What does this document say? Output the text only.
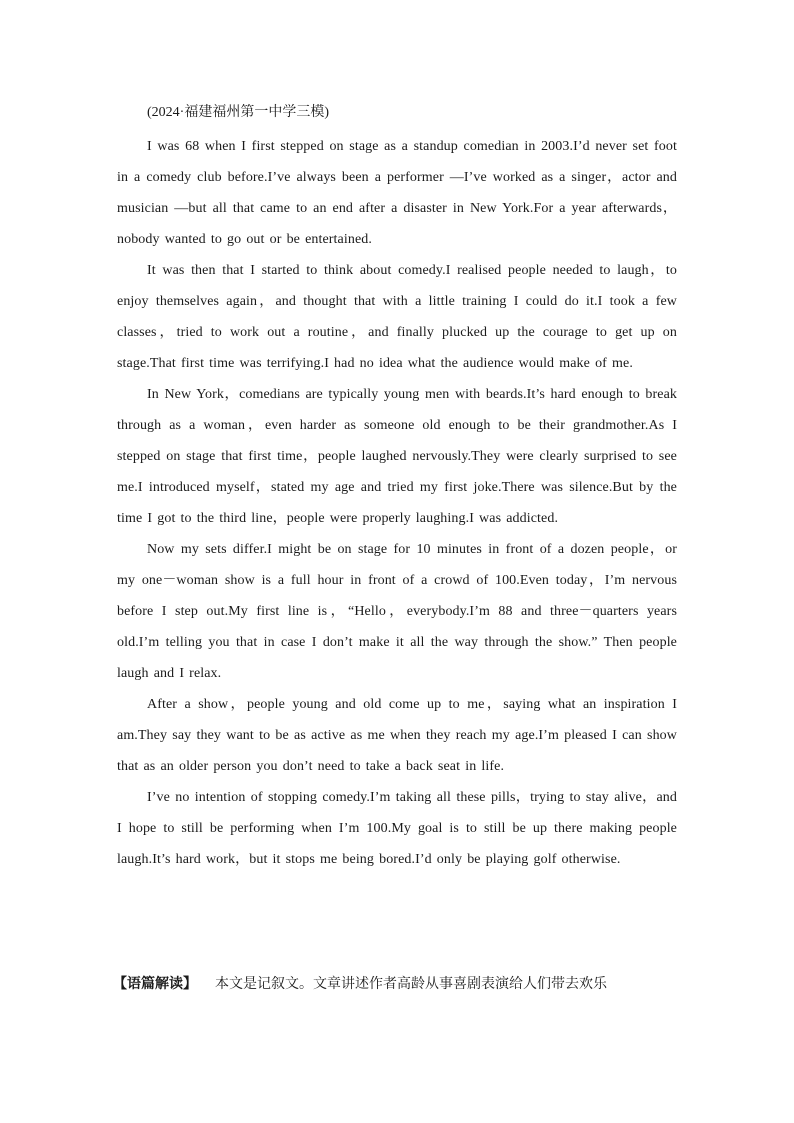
(2024·福建福州第一中学三模)

I was 68 when I first stepped on stage as a standup comedian in 2003.I’d never set foot in a comedy club before.I’ve always been a performer —I’ve worked as a singer，actor and musician —but all that came to an end after a disaster in New York.For a year afterwards，nobody wanted to go out or be entertained.

It was then that I started to think about comedy.I realised people needed to laugh，to enjoy themselves again，and thought that with a little training I could do it.I took a few classes，tried to work out a routine，and finally plucked up the courage to get up on stage.That first time was terrifying.I had no idea what the audience would make of me.

In New York，comedians are typically young men with beards.It’s hard enough to break through as a woman，even harder as someone old enough to be their grandmother.As I stepped on stage that first time，people laughed nervously.They were clearly surprised to see me.I introduced myself，stated my age and tried my first joke.There was silence.But by the time I got to the third line，people were properly laughing.I was addicted.

Now my sets differ.I might be on stage for 10 minutes in front of a dozen people，or my one－woman show is a full hour in front of a crowd of 100.Even today，I’m nervous before I step out.My first line is，“Hello，everybody.I’m 88 and three－quarters years old.I’m telling you that in case I don’t make it all the way through the show.” Then people laugh and I relax.

After a show，people young and old come up to me，saying what an inspiration I am.They say they want to be as active as me when they reach my age.I’m pleased I can show that as an older person you don’t need to take a back seat in life.

I’ve no intention of stopping comedy.I’m taking all these pills，trying to stay alive，and I hope to still be performing when I’m 100.My goal is to still be up there making people laugh.It’s hard work，but it stops me being bored.I’d only be playing golf otherwise.

【语篇解读】 本文是记叙文。文章讲述作者高龄从事喜剧表演给人们带去欢乐
